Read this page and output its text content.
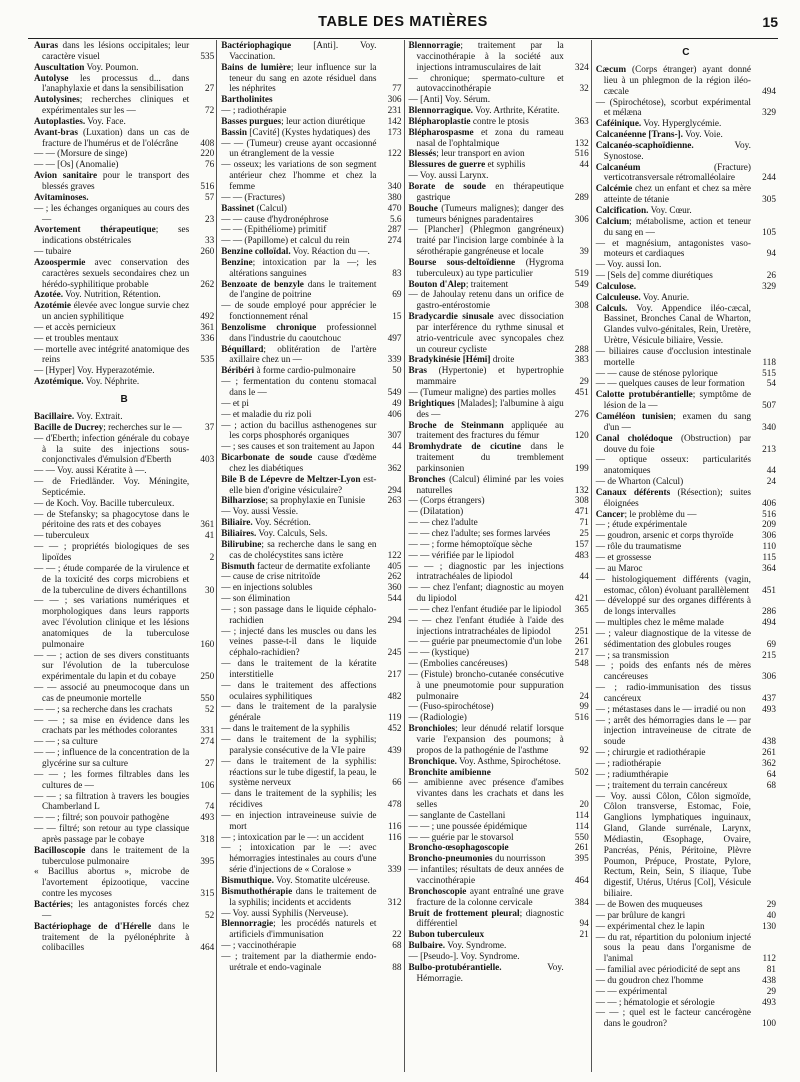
TABLE DES MATIÈRES	15

Auras dans les lésions occipitales; leur caractère visuel	535

Auscultation Voy. Poumon.

Autolyse les processus d... dans l'anaphylaxie et dans la sensibilisation 27

Autolysines; recherches cliniques et expérimentales sur les —	72

Autoplasties. Voy. Face.

Avant-bras (Luxation) dans un cas de fracture de l'humérus et de l'olécrâne 408

— — (Morsure de singe)	220

— — [Os] (Anomalie)	76

Avion sanitaire pour le transport des blessés graves	516

Avitaminoses.	57

— ; les échanges organiques au cours des —	23

Avortement thérapeutique; ses indications obstétricales	33

— tubaire	260

Azoospermie avec conservation des caractères sexuels secondaires chez un hérédo-syphilitique probable	262

Azotée. Voy. Nutrition, Rétention.

Azotémie élevée avec longue survie chez un ancien syphilitique	492

— et accès pernicieux	361

— et troubles mentaux	336

— mortelle avec intégrité anatomique des reins	535

— [Hyper] Voy. Hyperazotémie.

Azotémique. Voy. Néphrite.

B

Bacillaire. Voy. Extrait.

Bacille de Ducrey; recherches sur le —	37

— d'Eberth; infection générale du cobaye à la suite des injections sous-conjonctivales d'émulsion d'Eberth	403

— — Voy. aussi Kératite à —.

— de Friedländer. Voy. Méningite, Septicémie.

— de Koch. Voy. Bacille tuberculeux.

— de Stefansky; sa phagocytose dans le péritoine des rats et des cobayes	361

— tuberculeux	41

— — ; propriétés biologiques de ses lipoïdes	2

— — ; étude comparée de la virulence et de la toxicité des corps microbiens et de la tuberculine de divers échantillons 30

— — ; ses variations numériques et morphologiques dans leurs rapports avec l'évolution clinique et les lésions anatomiques de la tuberculose pulmonaire	160

— — ; action de ses divers constituants sur l'évolution de la tuberculose expérimentale du lapin et du cobaye	250

— — associé au pneumocoque dans un cas de pneumonie mortelle	550

— — ; sa recherche dans les crachats	52

— — ; sa mise en évidence dans les crachats par les méthodes colorantes	331

— — ; sa culture	274

— — ; influence de la concentration de la glycérine sur sa culture	27

— — ; les formes filtrables dans les cultures de —	106

— — ; sa filtration à travers les bougies Chamberland L	74

— — ; filtré; son pouvoir pathogène	493

— — filtré; son retour au type classique après passage par le cobaye	318

Bacilloscopie dans le traitement de la tuberculose pulmonaire	395

« Bacillus abortus », microbe de l'avortement épizootique, vaccine contre les mycoses	315

Bactéries; les antagonistes forcés chez —	52

Bactériophage de d'Hérelle dans le traitement de la pyélonéphrite à colibacilles	464

Bactériophagique [Anti]. Voy. Vaccination.

Bains de lumière; leur influence sur la teneur du sang en azote résiduel dans les néphrites	77

Bartholinites	306

— ; radiothérapie	231

Basses purgues; leur action diurétique 142

Bassin [Cavité] (Kystes hydatiques) des 173

— — (Tumeur) creuse ayant occasionné un étranglement de la vessie	122

— osseux; les variations de son segment antérieur chez l'homme et chez la femme	340

— — (Fractures)	380

Bassinet (Calcul)	470

— — cause d'hydronéphrose	5.6

— — (Epithéliome) primitif	287

— — (Papillome) et calcul du rein	274

Benzine colloïdal. Voy. Réaction du —.

Benzine; intoxication par la —; les altérations sanguines	83

Benzoate de benzyle dans le traitement de l'angine de poitrine	69

— de soude employé pour apprécier le fonctionnement rénal	15

Benzolisme chronique professionnel dans l'industrie du caoutchouc	497

Béquillard; oblitération de l'artère axillaire chez un —	339

Béribéri à forme cardio-pulmonaire	50

— ; fermentation du contenu stomacal dans le —	549

— et pi	49

— et maladie du riz poli	406

— ; action du bacillus asthenogenes sur les corps phosphorés organiques	307

— ; ses causes et son traitement au Japon 44

Bicarbonate de soude cause d'œdème chez les diabétiques	362

Bile B de Lépevre de Meltzer-Lyon est-elle bien d'origine vésiculaire?	294

Bilharziose; sa prophylaxie en Tunisie 263

— Voy. aussi Vessie.

Biliaire. Voy. Sécrétion.

Biliaires. Voy. Calculs, Sels.

Bilirubine; sa recherche dans le sang en cas de cholécystites sans ictère	122

Bismuth facteur de dermatite exfoliante 405

— cause de crise nitritoïde	262

— en injections solubles	360

— son élimination	544

— ; son passage dans le liquide céphalo-rachidien	294

— ; injecté dans les muscles ou dans les veines passe-t-il dans le liquide céphalo-rachidien?	245

— dans le traitement de la kératite interstitielle	217

— dans le traitement des affections oculaires syphilitiques	482

— dans le traitement de la paralysie générale	119

— dans le traitement de la syphilis	452

— dans le traitement de la syphilis; paralysie consécutive de la VIe paire 439

— dans le traitement de la syphilis: réactions sur le tube digestif, la peau, le système nerveux	66

— dans le traitement de la syphilis; les récidives	478

— en injection intraveineuse suivie de mort	116

— ; intoxication par le —: un accident	116

— ; intoxication par le —: avec hémorragies intestinales au cours d'une série d'injections de « Coralose »	339

Bismuthique. Voy. Stomatite ulcéreuse.

Bismuthothérapie dans le traitement de la syphilis; incidents et accidents	312

— Voy. aussi Syphilis (Nerveuse).

Blennorragie; les procédés naturels et artificiels d'immunisation	22

— ; vaccinothérapie	68

— ; traitement par la diathermie endo-urétrale et endo-vaginale	88

Blennorragie; traitement par la vaccinothérapie à la société aux injections intramusculaires de lait	324

— chronique; spermato-culture et autovaccinothérapie	32

— [Anti] Voy. Sérum.

Blennorragique. Voy. Arthrite, Kératite.

Blépharoplastie contre le ptosis	363

Blépharospasme et zona du rameau nasal de l'ophtalmique	132

Blessés; leur transport en avion	516

Blessures de guerre et syphilis	44

— Voy. aussi Larynx.

Borate de soude en thérapeutique gastrique	289

Bouche (Tumeurs malignes); danger des tumeurs bénignes paradentaires	306

— [Plancher] (Phlegmon gangréneux) traité par l'incision large combinée à la sérothérapie gangréneuse et locale	39

Bourse sous-deltoïdienne (Hygroma tuberculeux) au type particulier	519

Bouton d'Alep; traitement	549

— de Jahoulay retenu dans un orifice de gastro-entérostomie	308

Bradycardie sinusale avec dissociation par interférence du rythme sinusal et atrio-ventricule avec syncopales chez un coureur cycliste	288

Bradykinésie [Hémi] droite	383

Bras (Hypertonie) et hypertrophie mammaire	29

— (Tumeur maligne) des parties molles 451

Brightiques [Malades]; l'albumine à aigu des —	276

Broche de Steinmann appliquée au traitement des fractures du fémur	120

Bromhydrate de cicutine dans le traitement du tremblement parkinsonien	199

Bronches (Calcul) éliminé par les voies naturelles	132

— (Corps étrangers)	308

— (Dilatation)	471

— — chez l'adulte	71

— — chez l'adulte; ses formes larvées	25

— — ; forme hémoptoïque sèche	157

— — vérifiée par le lipiodol	483

— — ; diagnostic par les injections intratrachéales de lipiodol	44

— — chez l'enfant; diagnostic au moyen du lipiodol	421

— — chez l'enfant étudiée par le lipiodol 365

— — chez l'enfant étudiée à l'aide des injections intratrachéales de lipiodol	251

— — guérie par pneumectomie d'un lobe 261

— — (kystique)	217

— (Embolies cancéreuses)	548

— (Fistule) broncho-cutanée consécutive à une pneumotomie pour suppuration pulmonaire	24

— (Fuso-spirochétose)	99

— (Radiologie)	516

Bronchioles; leur dénudé relatif lorsque varie l'expansion des poumons; à propos de la pathogénie de l'asthme	92

Bronchique. Voy. Asthme, Spirochétose.

Bronchite amibienne	502

— amibienne avec présence d'amibes vivantes dans les crachats et dans les selles	20

— sanglante de Castellani	114

— — ; une poussée épidémique	114

— — guérie par le stovarsol	550

Broncho-œsophagoscopie	261

Broncho-pneumonies du nourrisson	395

— infantiles; résultats de deux années de vaccinothérapie	464

Bronchoscopie ayant entraîné une grave fracture de la colonne cervicale	384

Bruit de frottement pleural; diagnostic différentiel	94

Bubon tuberculeux	21

Bulbaire. Voy. Syndrome.

— [Pseudo-]. Voy. Syndrome.

Bulbo-protubérantielle. Voy. Hémorragie.

C

Cæcum (Corps étranger) ayant donné lieu à un phlegmon de la région iléo-cæcale	494

— (Spirochétose), scorbut expérimental et mélæna	329

Caféinique. Voy. Hyperglycémie.

Calcanéenne [Trans-]. Voy. Voie.

Calcanéo-scaphoïdienne. Voy. Synostose.

Calcanéum (Fracture) verticotransversale rétromalléolaire	244

Calcémie chez un enfant et chez sa mère atteinte de tétanie	305

Calcification. Voy. Cœur.

Calcium; métabolisme, action et teneur du sang en —	105

— et magnésium, antagonistes vaso-moteurs et cardiaques	94

— Voy. aussi Ion.

— [Sels de] comme diurétiques	26

Calculose.	329

Calculeuse. Voy. Anurie.

Calculs. Voy. Appendice iléo-cæcal, Bassinet, Bronches Canal de Wharton, Glandes vulvo-génitales, Rein, Uretère, Urètre, Vésicule biliaire, Vessie.

— biliaires cause d'occlusion intestinale mortelle	118

— — cause de sténose pylorique	515

— — quelques causes de leur formation 54

Calotte protubérantielle; symptôme de lésion de la —	507

Caméléon tunisien; examen du sang d'un —	340

Canal cholédoque (Obstruction) par douve du foie	213

— optique osseux: particularités anatomiques	44

— de Wharton (Calcul)	24

Canaux déférents (Résection); suites éloignées	406

Cancer; le problème du —	516

— ; étude expérimentale	209

— goudron, arsenic et corps thyroïde	306

— rôle du traumatisme	110

— et grossesse	115

— au Maroc	364

— histologiquement différents (vagin, estomac, côlon) évoluant parallèlement 451

— développé sur des organes différents à de longs intervalles	286

— multiples chez le même malade	494

— ; valeur diagnostique de la vitesse de sédimentation des globules rouges	69

— ; sa transmission	215

— ; poids des enfants nés de mères cancéreuses	306

— ; radio-immunisation des tissus cancéreux	437

— ; métastases dans le — irradié ou non 493

— ; arrêt des hémorragies dans le — par injection intraveineuse de citrate de soude	438

— ; chirurgie et radiothérapie	261

— ; radiothérapie	362

— ; radiumthérapie	64

— ; traitement du terrain cancéreux	68

— Voy. aussi Côlon, Côlon sigmoïde, Côlon transverse, Estomac, Foie, Ganglions lymphatiques inguinaux, Gland, Glande surrénale, Larynx, Médiastin, Œsophage, Ovaire, Pancréas, Pénis, Péritoine, Plèvre Poumon, Prépuce, Prostate, Pylore, Rectum, Rein, Sein, S iliaque, Tube digestif, Utérus, Utérus [Col], Vésicule biliaire.

— de Bowen des muqueuses	29

— par brûlure de kangri	40

— expérimental chez le lapin	130

— du rat, répartition du polonium injecté sous la peau dans l'organisme de l'animal	112

— familial avec périodicité de sept ans	81

— du goudron chez l'homme	438

— — expérimental	29

— — ; hématologie et sérologie	493

— — ; quel est le facteur cancérogène dans le goudron?	100
